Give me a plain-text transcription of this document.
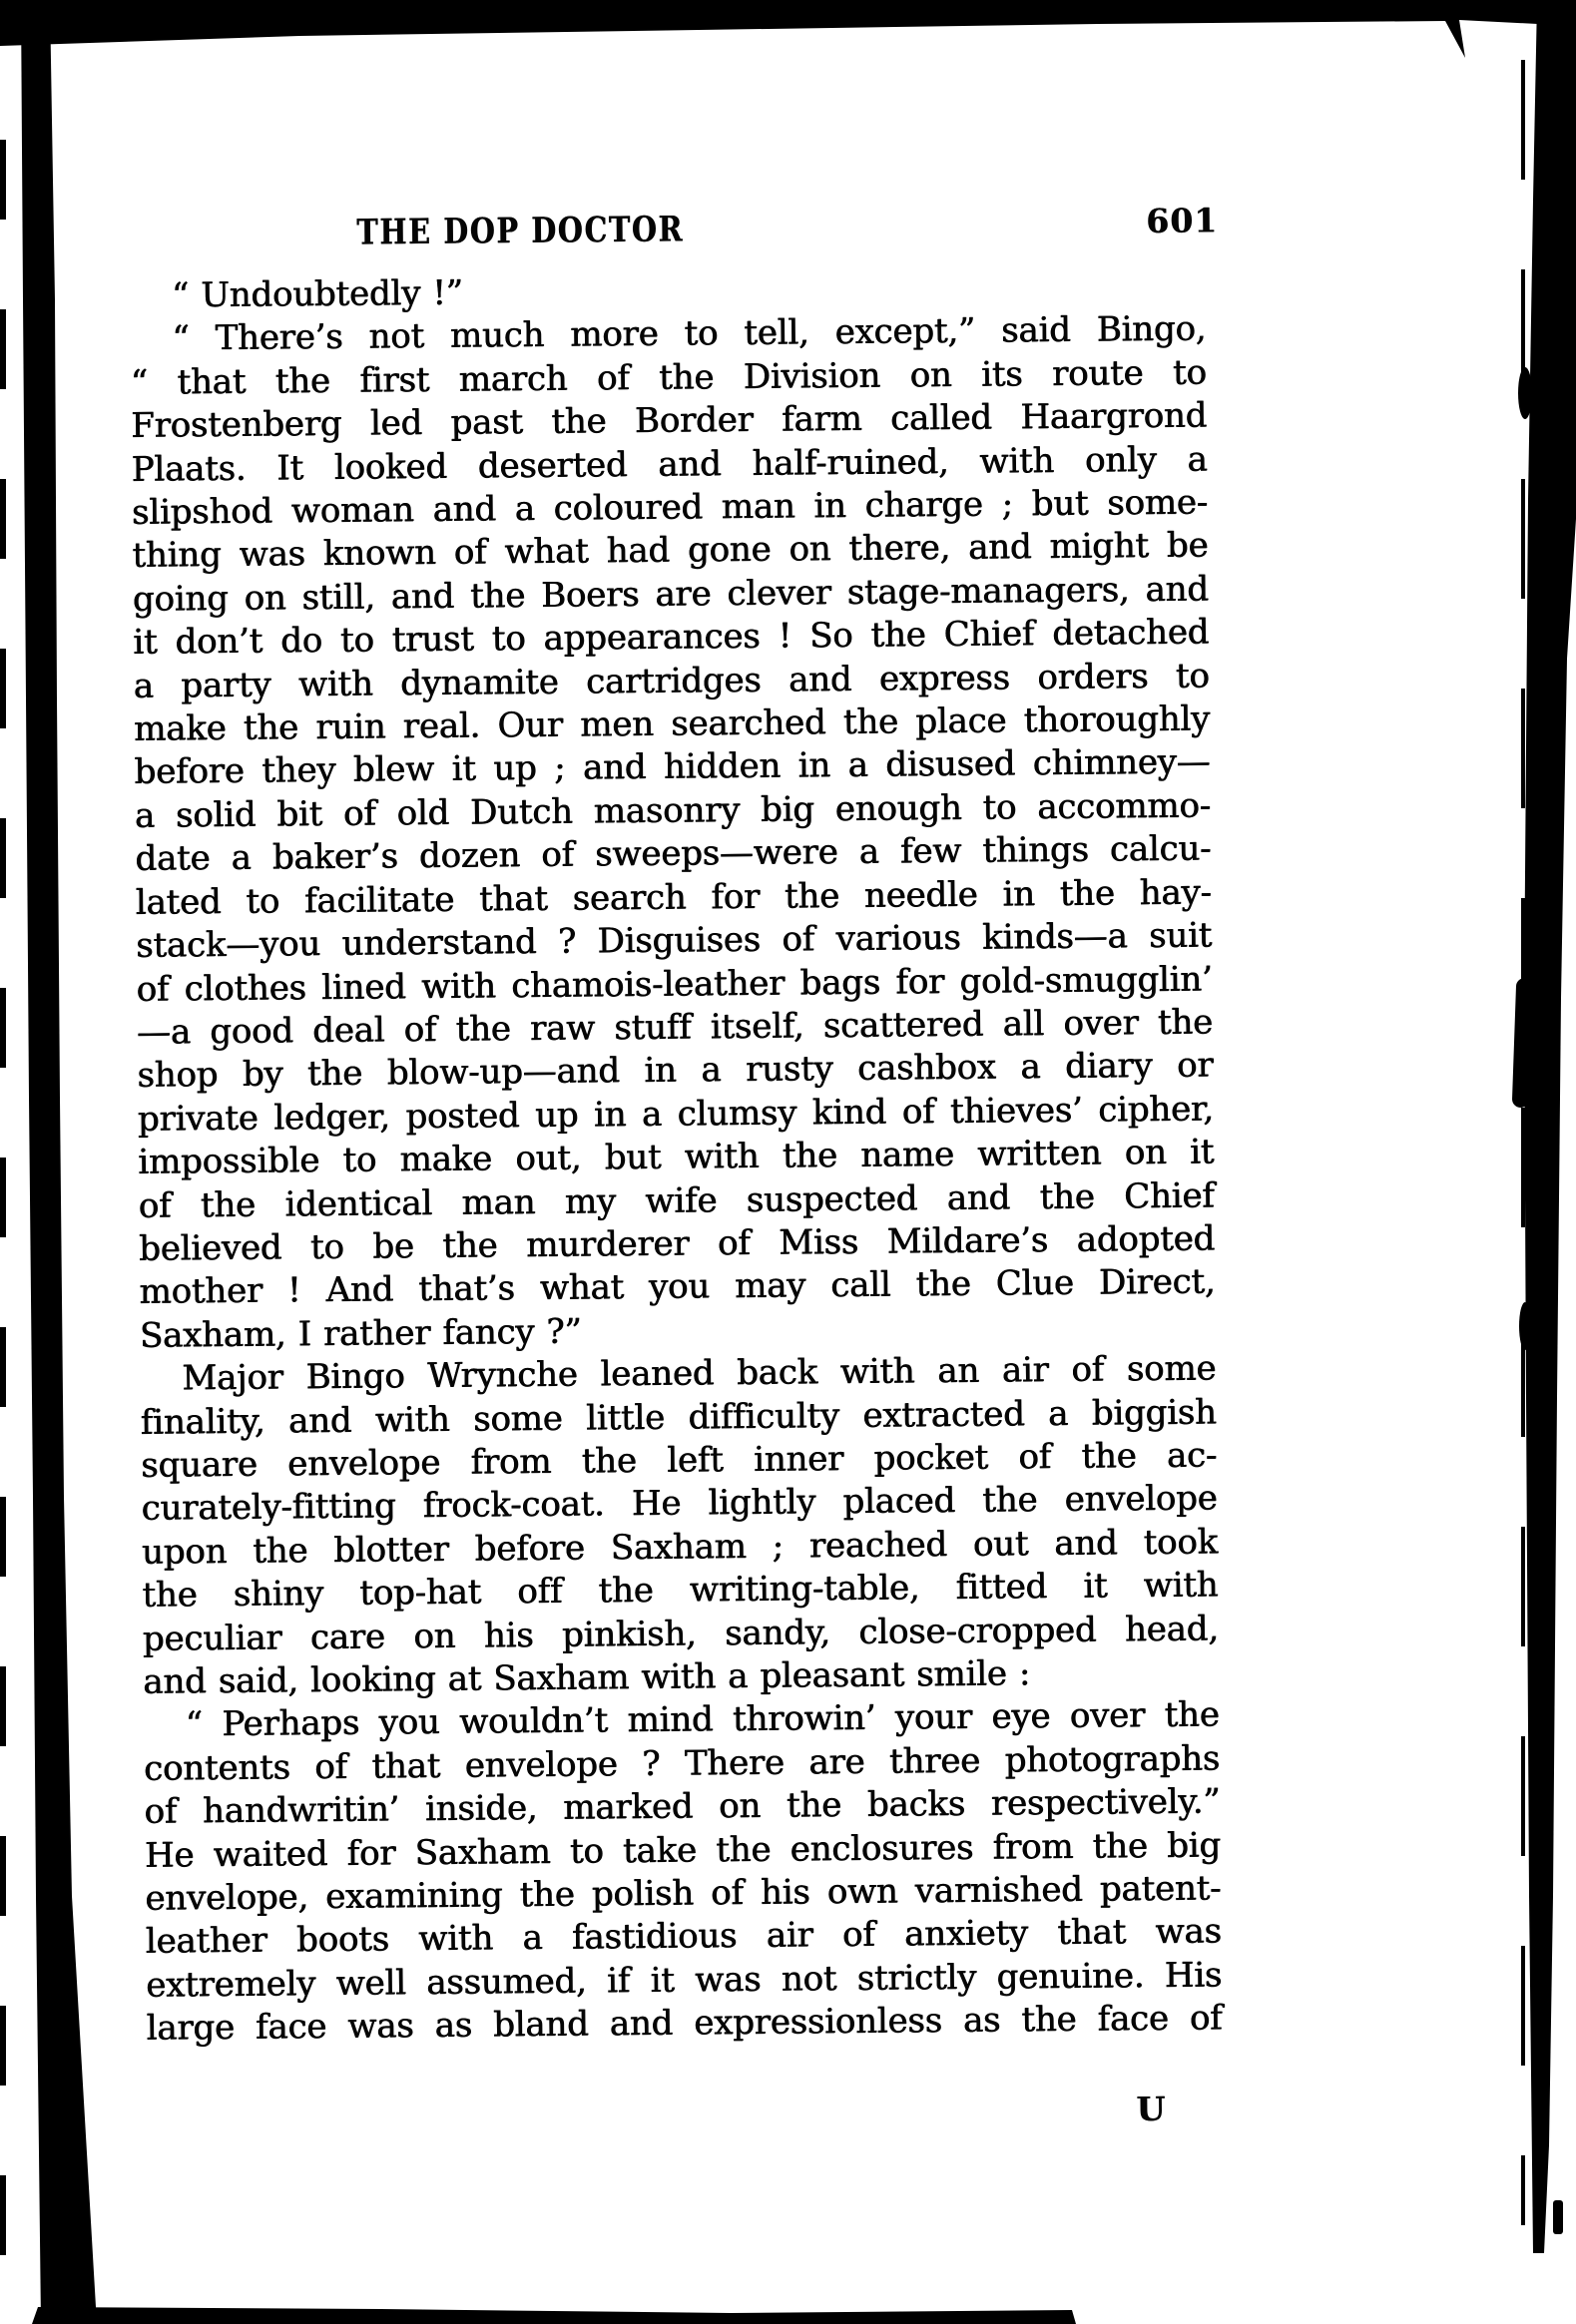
THE DOP DOCTOR	601
“ Undoubtedly !”
“ There’s not much more to tell, except,” said Bingo,
“ that the first march of the Division on its route to
Frostenberg led past the Border farm called Haargrond
Plaats. It looked deserted and half-ruined, with only a
slipshod woman and a coloured man in charge ; but some-
thing was known of what had gone on there, and might be
going on still, and the Boers are clever stage-managers, and
it don’t do to trust to appearances ! So the Chief detached
a party with dynamite cartridges and express orders to
make the ruin real. Our men searched the place thoroughly
before they blew it up ; and hidden in a disused chimney—
a solid bit of old Dutch masonry big enough to accommo-
date a baker’s dozen of sweeps—were a few things calcu-
lated to facilitate that search for the needle in the hay-
stack—you understand ? Disguises of various kinds—a suit
of clothes lined with chamois-leather bags for gold-smugglin’
—a good deal of the raw stuff itself, scattered all over the
shop by the blow-up—and in a rusty cashbox a diary or
private ledger, posted up in a clumsy kind of thieves’ cipher,
impossible to make out, but with the name written on it
of the identical man my wife suspected and the Chief
believed to be the murderer of Miss Mildare’s adopted
mother ! And that’s what you may call the Clue Direct,
Saxham, I rather fancy ?”
Major Bingo Wrynche leaned back with an air of some
finality, and with some little difficulty extracted a biggish
square envelope from the left inner pocket of the ac-
curately-fitting frock-coat. He lightly placed the envelope
upon the blotter before Saxham ; reached out and took
the shiny top-hat off the writing-table, fitted it with
peculiar care on his pinkish, sandy, close-cropped head,
and said, looking at Saxham with a pleasant smile :
“ Perhaps you wouldn’t mind throwin’ your eye over the
contents of that envelope ? There are three photographs
of handwritin’ inside, marked on the backs respectively.”
He waited for Saxham to take the enclosures from the big
envelope, examining the polish of his own varnished patent-
leather boots with a fastidious air of anxiety that was
extremely well assumed, if it was not strictly genuine. His
large face was as bland and expressionless as the face of
U
